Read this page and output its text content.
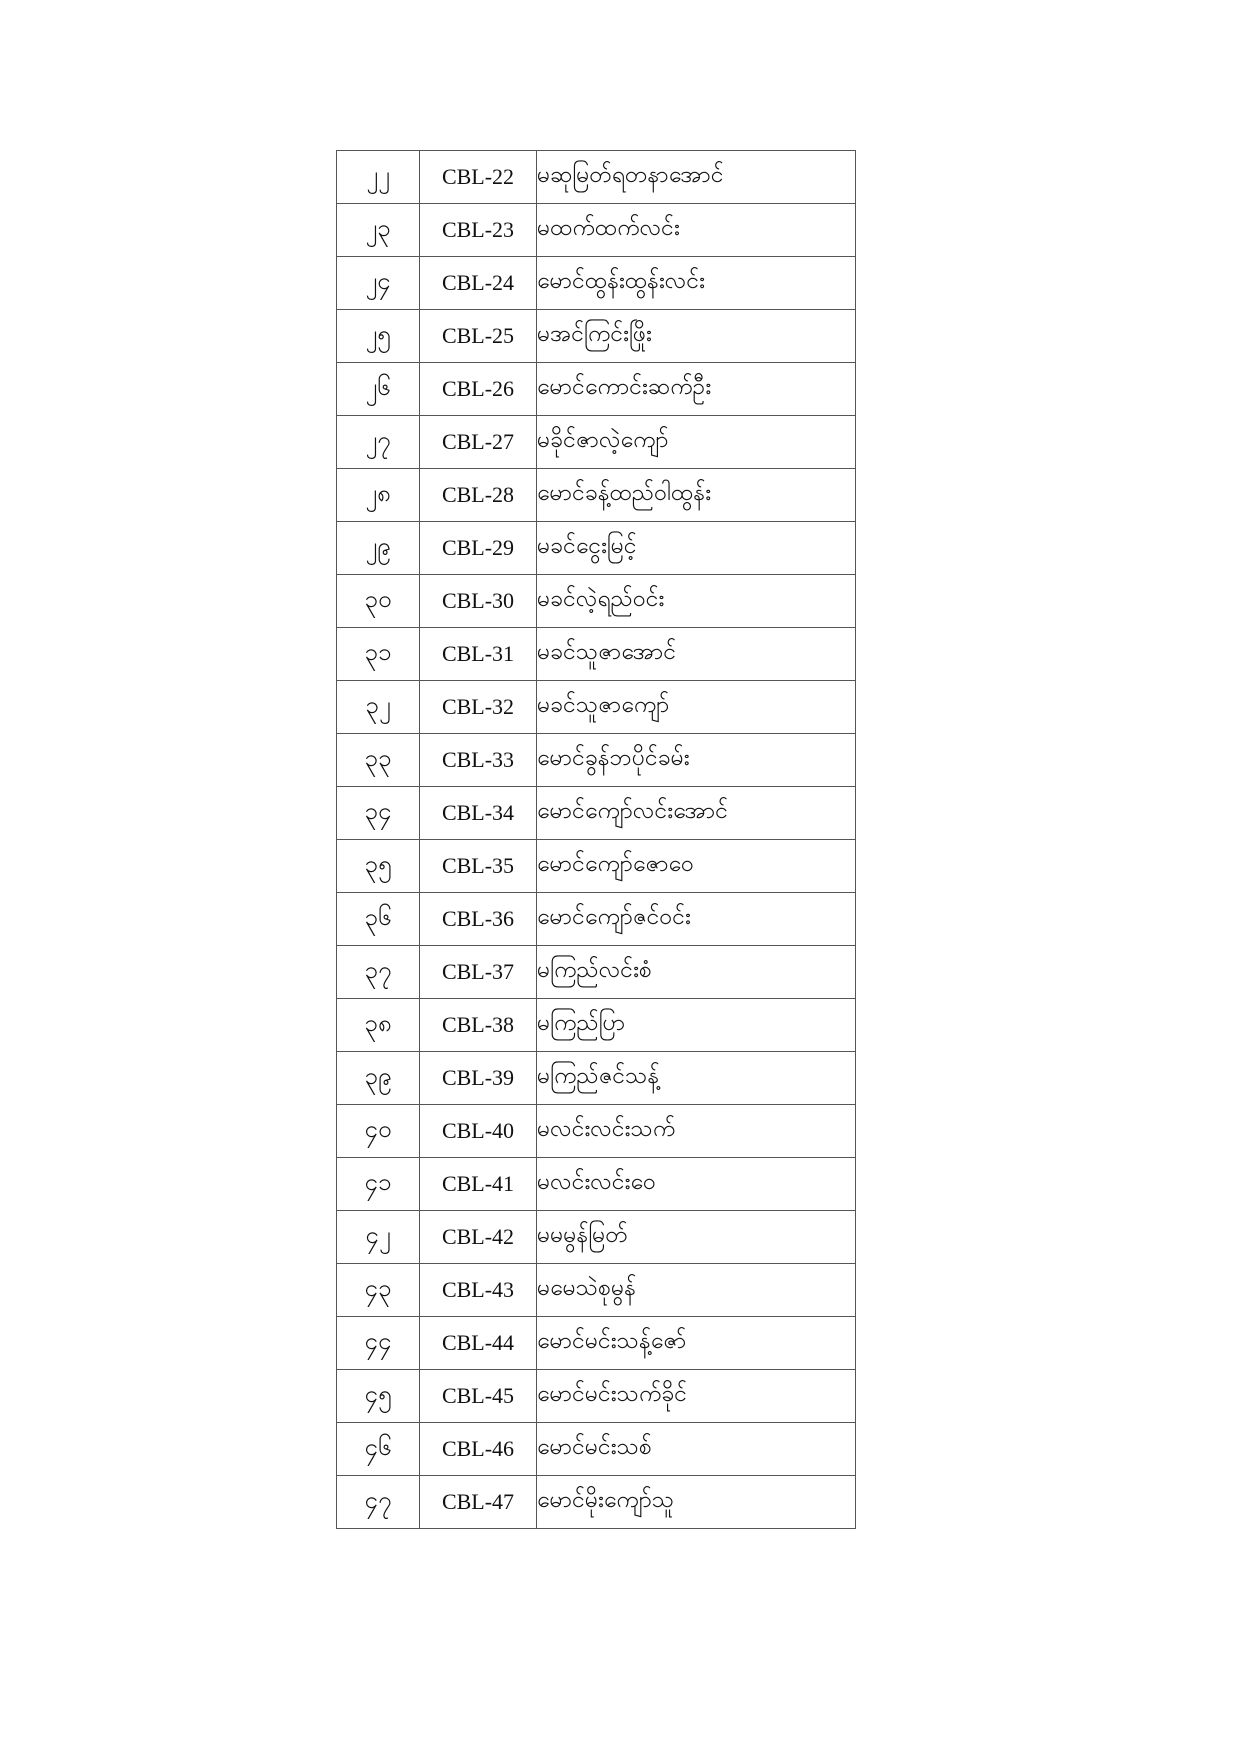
၂၂	CBL-22	မဆုမြတ်ရတနာအောင်
၂၃	CBL-23	မထက်ထက်လင်း
၂၄	CBL-24	မောင်ထွန်းထွန်းလင်း
၂၅	CBL-25	မအင်ကြင်းဖြိုး
၂၆	CBL-26	မောင်ကောင်းဆက်ဦး
၂၇	CBL-27	မခိုင်ဇာလဲ့ကျော်
၂၈	CBL-28	မောင်ခန့်ထည်ဝါထွန်း
၂၉	CBL-29	မခင်ငွေးမြင့်
၃၀	CBL-30	မခင်လဲ့ရည်ဝင်း
၃၁	CBL-31	မခင်သူဇာအောင်
၃၂	CBL-32	မခင်သူဇာကျော်
၃၃	CBL-33	မောင်ခွန်ဘပိုင်ခမ်း
၃၄	CBL-34	မောင်ကျော်လင်းအောင်
၃၅	CBL-35	မောင်ကျော်ဇောဝေ
၃၆	CBL-36	မောင်ကျော်ဇင်ဝင်း
၃၇	CBL-37	မကြည်လင်းစံ
၃၈	CBL-38	မကြည်ပြာ
၃၉	CBL-39	မကြည်ဇင်သန့်
၄၀	CBL-40	မလင်းလင်းသက်
၄၁	CBL-41	မလင်းလင်းဝေ
၄၂	CBL-42	မမမွန်မြတ်
၄၃	CBL-43	မမေသဲစုမွန်
၄၄	CBL-44	မောင်မင်းသန့်ဇော်
၄၅	CBL-45	မောင်မင်းသက်ခိုင်
၄၆	CBL-46	မောင်မင်းသစ်
၄၇	CBL-47	မောင်မိုးကျော်သူ
